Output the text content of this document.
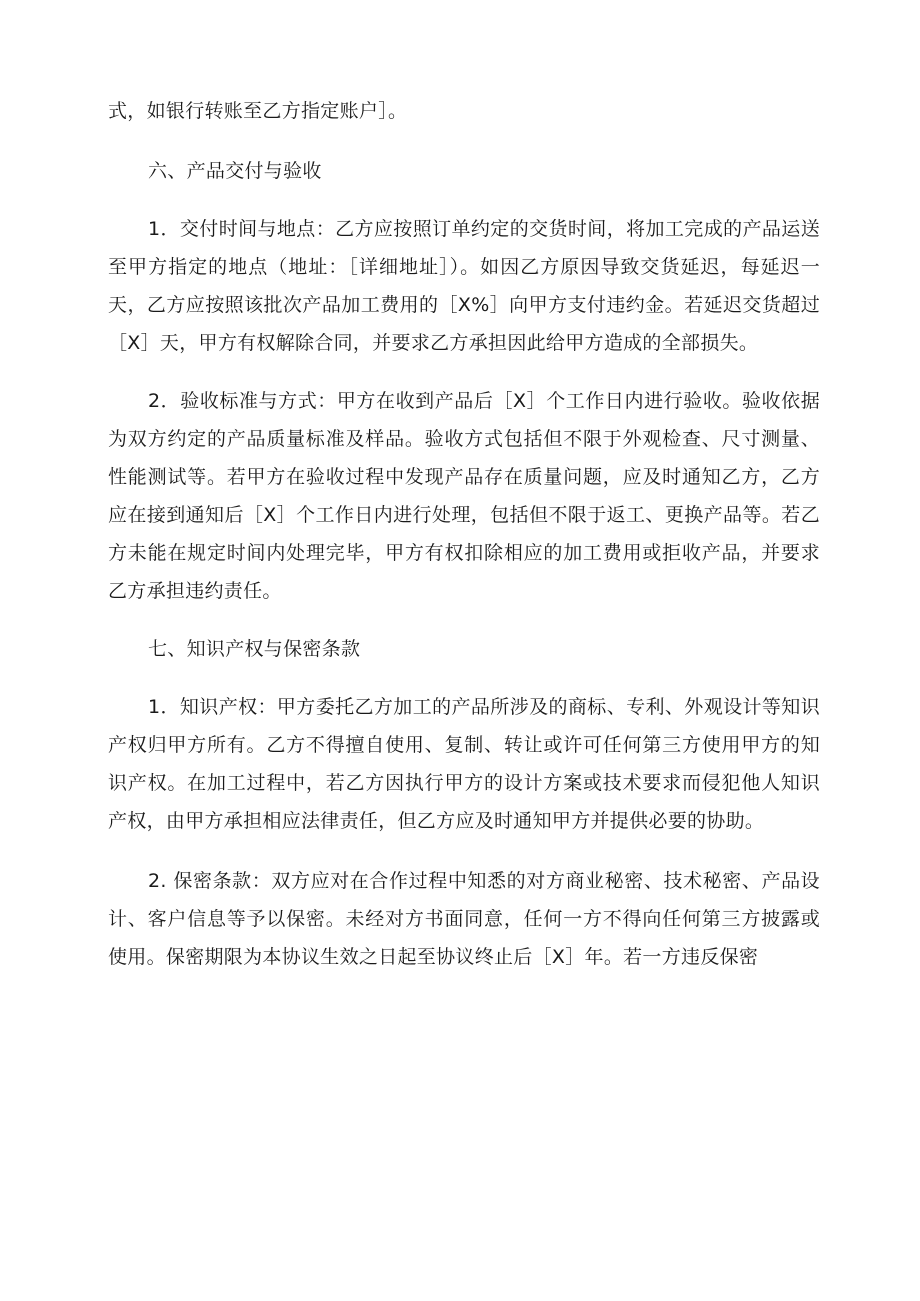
式，如银行转账至乙方指定账户］。

六、产品交付与验收

1．交付时间与地点：乙方应按照订单约定的交货时间，将加工完成的产品运送至甲方指定的地点（地址：［详细地址］）。如因乙方原因导致交货延迟，每延迟一天，乙方应按照该批次产品加工费用的［X%］向甲方支付违约金。若延迟交货超过［X］天，甲方有权解除合同，并要求乙方承担因此给甲方造成的全部损失。

2．验收标准与方式：甲方在收到产品后［X］个工作日内进行验收。验收依据为双方约定的产品质量标准及样品。验收方式包括但不限于外观检查、尺寸测量、性能测试等。若甲方在验收过程中发现产品存在质量问题，应及时通知乙方，乙方应在接到通知后［X］个工作日内进行处理，包括但不限于返工、更换产品等。若乙方未能在规定时间内处理完毕，甲方有权扣除相应的加工费用或拒收产品，并要求乙方承担违约责任。

七、知识产权与保密条款

1．知识产权：甲方委托乙方加工的产品所涉及的商标、专利、外观设计等知识产权归甲方所有。乙方不得擅自使用、复制、转让或许可任何第三方使用甲方的知识产权。在加工过程中，若乙方因执行甲方的设计方案或技术要求而侵犯他人知识产权，由甲方承担相应法律责任，但乙方应及时通知甲方并提供必要的协助。

2. 保密条款：双方应对在合作过程中知悉的对方商业秘密、技术秘密、产品设计、客户信息等予以保密。未经对方书面同意，任何一方不得向任何第三方披露或使用。保密期限为本协议生效之日起至协议终止后［X］年。若一方违反保密
